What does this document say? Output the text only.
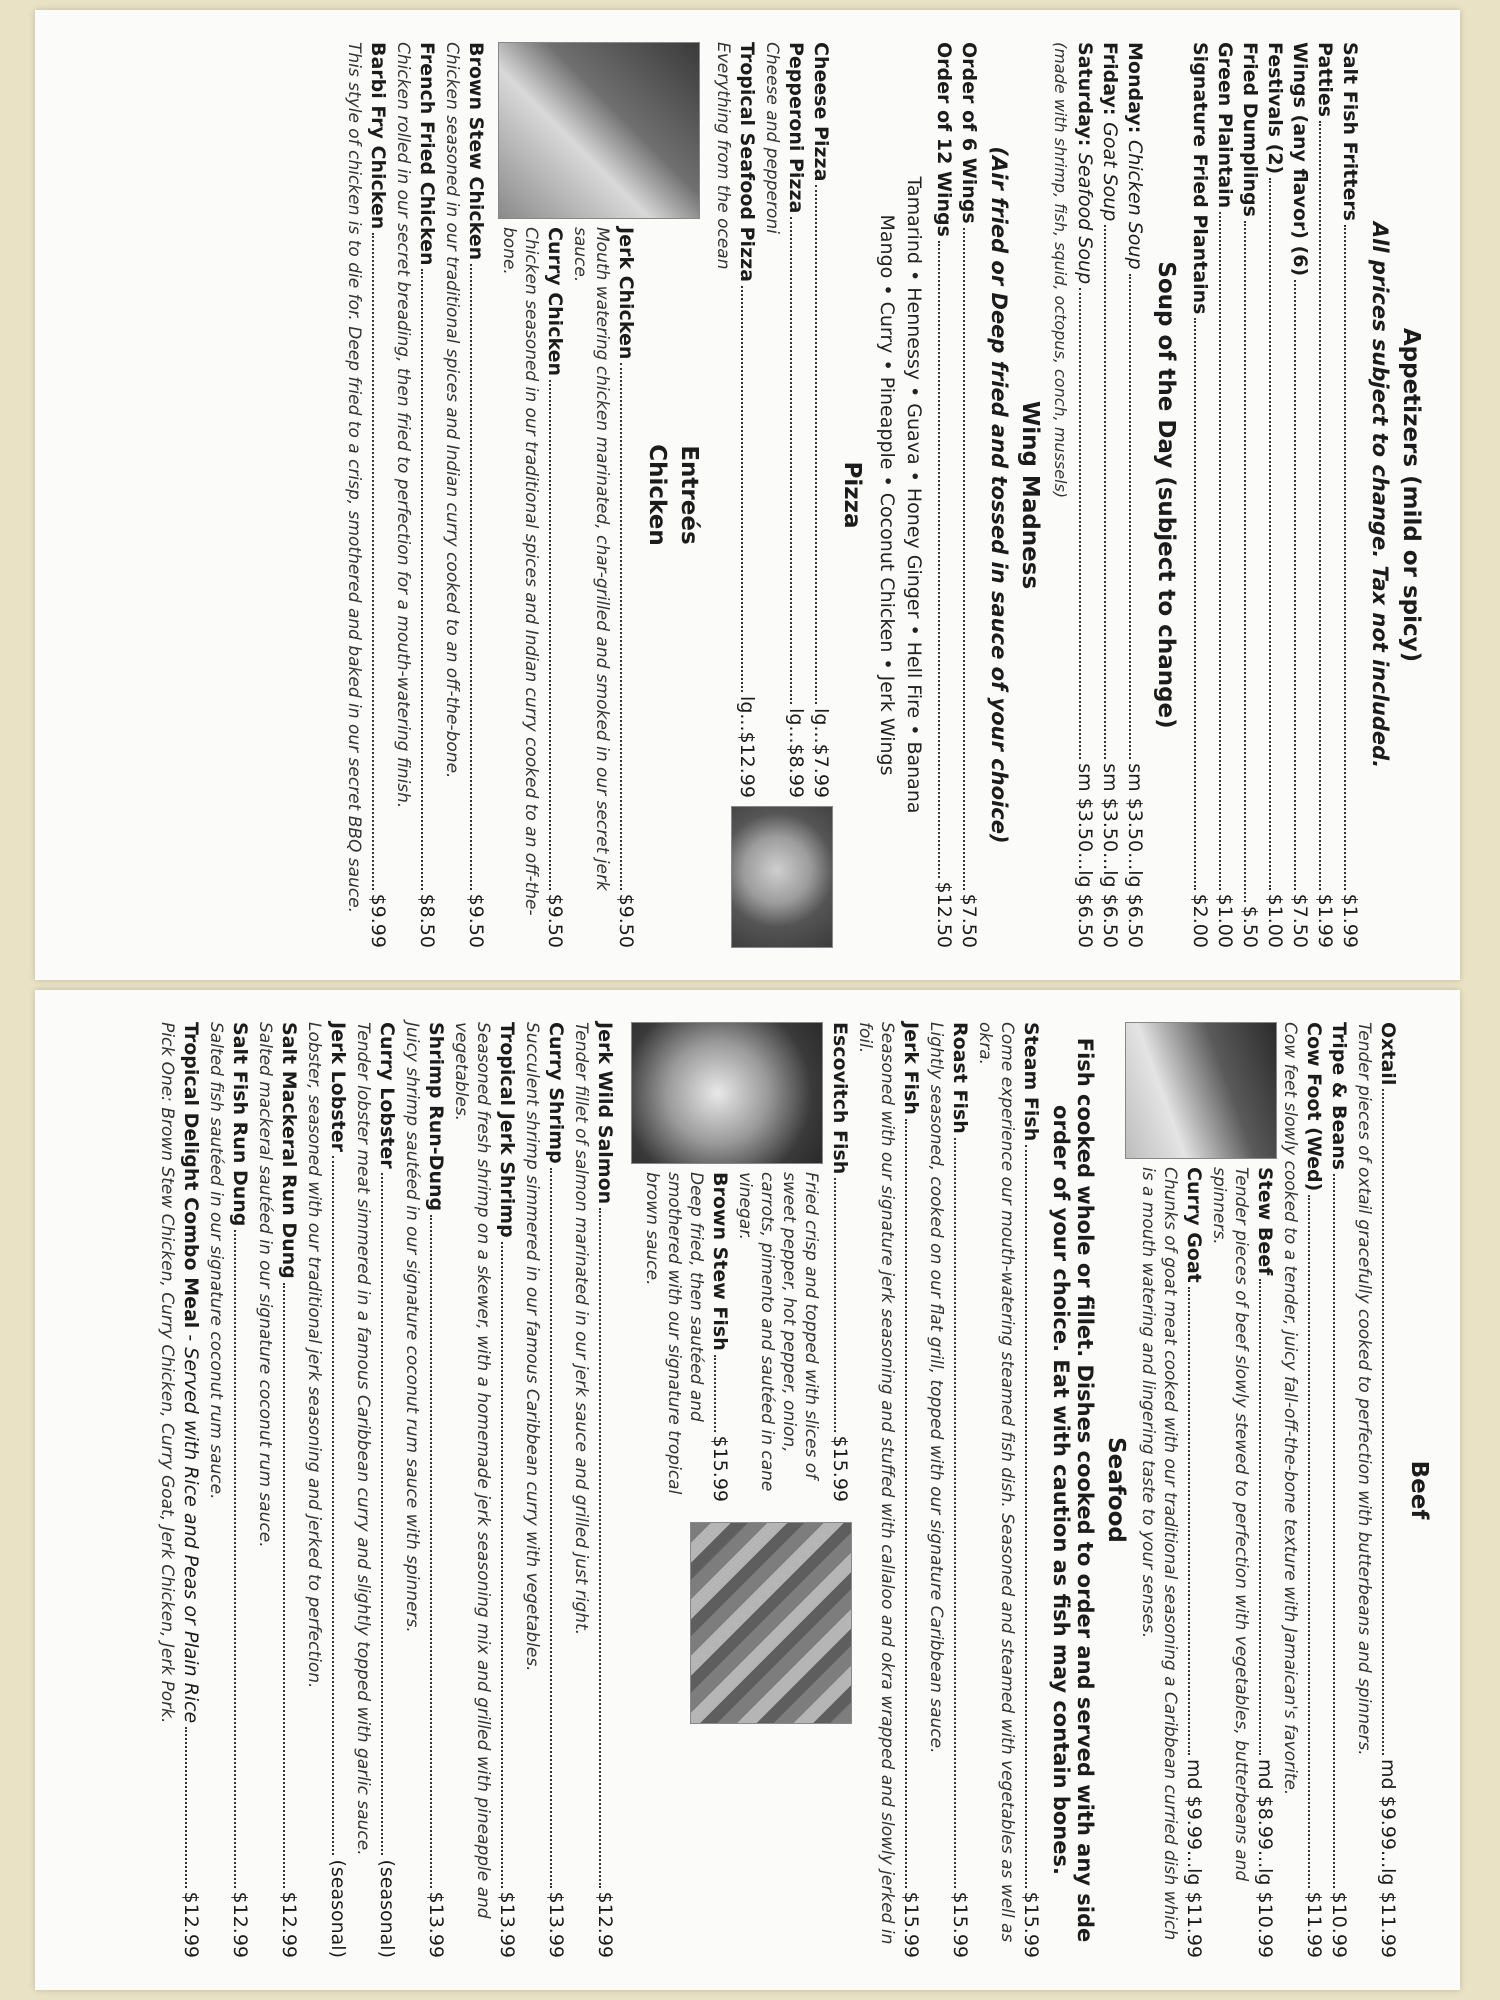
Appetizers (mild or spicy)
All prices subject to change. Tax not included.
Salt Fish Fritters
$1.99
Patties
$1.99
Wings (any flavor) (6)
$7.50
Festivals (2)
$1.00
Fried Dumplings
$.50
Green Plaintain
$1.00
Signature Fried Plantains
$2.00
Soup of the Day (subject to change)
Monday: Chicken Soup
sm $3.50...lg $6.50
Friday: Goat Soup
sm $3.50...lg $6.50
Saturday: Seafood Soup
sm $3.50...lg $6.50
(made with shrimp, fish, squid, octopus, conch, mussels)
Wing Madness
(Air fried or Deep fried and tossed in sauce of your choice)
Order of 6 Wings
$7.50
Order of 12 Wings
$12.50
Tamarind • Hennessy • Guava • Honey Ginger • Hell Fire • Banana
Mango • Curry • Pineapple • Coconut Chicken • Jerk Wings
Pizza
Cheese Pizza
lg...$7.99
Pepperoni Pizza
lg...$8.99
Cheese and pepperoni
Tropical Seafood Pizza
lg...$12.99
Everything from the ocean
Entreés
Chicken
Jerk Chicken
$9.50
Mouth watering chicken marinated, char-grilled and smoked in our secret jerk sauce.
Curry Chicken
$9.50
Chicken seasoned in our traditional spices and Indian curry cooked to an off-the-bone.
Brown Stew Chicken
$9.50
Chicken seasoned in our traditional spices and Indian curry cooked to an off-the-bone.
French Fried Chicken
$8.50
Chicken rolled in our secret breading, then fried to perfection for a mouth-watering finish.
Barbi Fry Chicken
$9.99
This style of chicken is to die for. Deep fried to a crisp, smothered and baked in our secret BBQ sauce.
Beef
Oxtail
md $9.99...lg $11.99
Tender pieces of oxtail gracefully cooked to perfection with butterbeans and spinners.
Tripe & Beans
$10.99
Cow Foot (Wed)
$11.99
Cow feet slowly cooked to a tender, juicy fall-off-the-bone texture with Jamaican's favorite.
Stew Beef
md $8.99...lg $10.99
Tender pieces of beef slowly stewed to perfection with vegetables, butterbeans and spinners.
Curry Goat
md $9.99...lg $11.99
Chunks of goat meat cooked with our traditional seasoning a Caribbean curried dish which is a mouth watering and lingering taste to your senses.
Seafood
Fish cooked whole or fillet. Dishes cooked to order and served with any side order of your choice. Eat with caution as fish may contain bones.
Steam Fish
$15.99
Come experience our mouth-watering steamed fish dish. Seasoned and steamed with vegetables as well as okra.
Roast Fish
$15.99
Lightly seasoned, cooked on our flat grill, topped with our signature Caribbean sauce.
Jerk Fish
$15.99
Seasoned with our signature jerk seasoning and stuffed with callaloo and okra wrapped and slowly jerked in foil.
Escovitch Fish
$15.99
Fried crisp and topped with slices of sweet pepper, hot pepper, onion, carrots, pimento and sautéed in cane vinegar.
Brown Stew Fish
$15.99
Deep fried, then sautéed and smothered with our signature tropical brown sauce.
Jerk Wild Salmon
$12.99
Tender fillet of salmon marinated in our jerk sauce and grilled just right.
Curry Shrimp
$13.99
Succulent shrimp simmered in our famous Caribbean curry with vegetables.
Tropical Jerk Shrimp
$13.99
Seasoned fresh shrimp on a skewer, with a homemade jerk seasoning mix and grilled with pineapple and vegetables.
Shrimp Run-Dung
$13.99
Juicy shrimp sautéed in our signature coconut rum sauce with spinners.
Curry Lobster
(seasonal)
Tender lobster meat simmered in a famous Caribbean curry and slightly topped with garlic sauce.
Jerk Lobster
(seasonal)
Lobster, seasoned with our traditional jerk seasoning and jerked to perfection.
Salt Mackeral Run Dung
$12.99
Salted mackeral sautéed in our signature coconut rum sauce.
Salt Fish Run Dung
$12.99
Salted fish sautéed in our signature coconut rum sauce.
Tropical Delight Combo Meal - Served with Rice and Peas or Plain Rice
$12.99
Pick One: Brown Stew Chicken, Curry Chicken, Curry Goat, Jerk Chicken, Jerk Pork.
